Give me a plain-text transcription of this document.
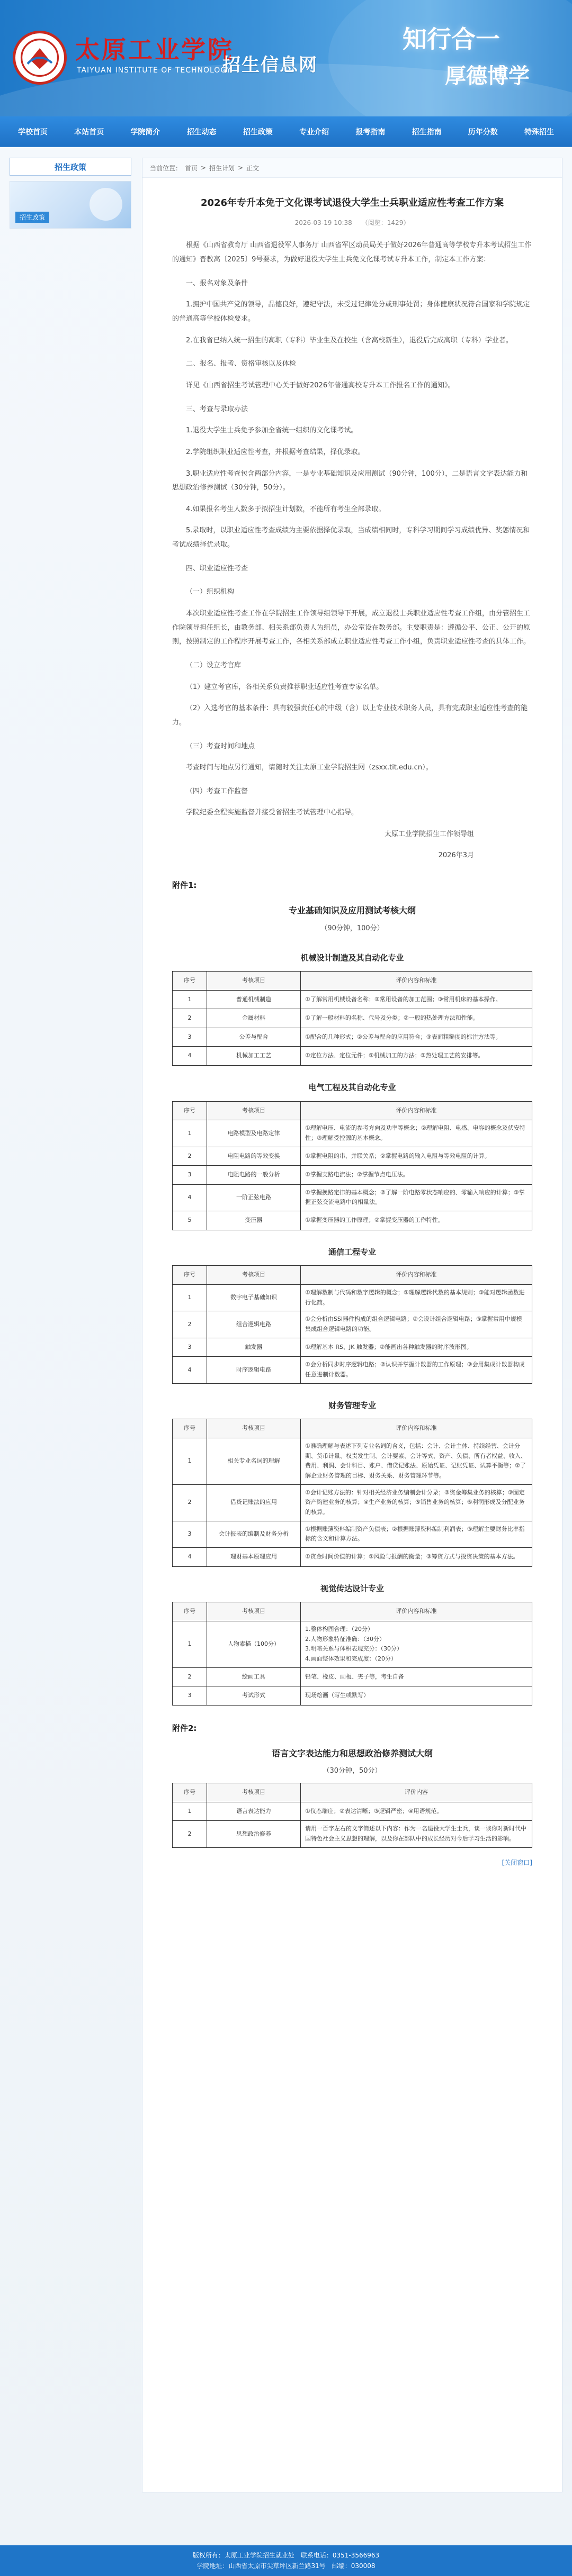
太原工业学院
TAIYUAN INSTITUTE OF TECHNOLOGY
招生信息网
知行合一
厚德博学
学校首页	本站首页	学院简介	招生动态	招生政策	专业介绍	报考指南	招生指南	历年分数	特殊招生
招生政策
招生政策
当前位置： 首页 > 招生计划 > 正文
2026年专升本免于文化课考试退役大学生士兵职业适应性考查工作方案
2026-03-19 10:38　　（阅览：1429）

根据《山西省教育厅 山西省退役军人事务厅 山西省军区动员局关于做好2026年普通高等学校专升本考试招生工作的通知》晋教高〔2025〕9号要求，为做好退役大学生士兵免文化课考试专升本工作，制定本工作方案：

一、报名对象及条件

1.拥护中国共产党的领导，品德良好，遵纪守法，未受过记律处分或刑事处罚；身体健康状况符合国家和学院规定的普通高等学校体检要求。

2.在我省已纳入统一招生的高职（专科）毕业生及在校生（含高校新生），退役后完成高职（专科）学业者。

二、报名、报考、资格审核以及体检

详见《山西省招生考试管理中心关于做好2026年普通高校专升本工作报名工作的通知》。

三、考查与录取办法

1.退役大学生士兵免予参加全省统一组织的文化课考试。

2.学院组织职业适应性考查，并根据考查结果，择优录取。

3.职业适应性考查包含两部分内容，一是专业基础知识及应用测试（90分钟，100分），二是语言文字表达能力和思想政治修养测试（30分钟，50分）。

4.如果报名考生人数多于拟招生计划数，不能所有考生全部录取。

5.录取时，以职业适应性考查成绩为主要依据择优录取，当成绩相同时，专科学习期间学习成绩优异、奖惩情况和考试成绩择优录取。

四、职业适应性考查

（一）组织机构

本次职业适应性考查工作在学院招生工作领导组领导下开展，成立退役士兵职业适应性考查工作组，由分管招生工作院领导担任组长，由教务部、相关系部负责人为组员，办公室设在教务部。主要职责是：遵循公平、公正、公开的原则，按照制定的工作程序开展考查工作，各相关系部成立职业适应性考查工作小组，负责职业适应性考查的具体工作。

（二）设立考官库

（1）建立考官库，各相关系负责推荐职业适应性考查专家名单。

（2）入选考官的基本条件：具有较强责任心的中级（含）以上专业技术职务人员，具有完成职业适应性考查的能力。

（三）考查时间和地点

考查时间与地点另行通知，请随时关注太原工业学院招生网（zsxx.tit.edu.cn）。

（四）考查工作监督

学院纪委全程实施监督并接受省招生考试管理中心指导。

太原工业学院招生工作领导组

2026年3月

附件1:
专业基础知识及应用测试考核大纲
（90分钟，100分）
机械设计制造及其自动化专业
序号	考核项目	评价内容和标准
1	普通机械制造	①了解常用机械设备名称；②常用设备的加工范围；③常用机床的基本操作。
2	金属材料	①了解一般材料的名称、代号及分类；②一般的热处理方法和性能。
3	公差与配合	①配合的几种形式；②公差与配合的应用符合；③表面粗糙度的标注方法等。
4	机械加工工艺	①定位方法、定位元件；②机械加工的方法；③热处理工艺的安排等。
电气工程及其自动化专业
序号	考核项目	评价内容和标准
1	电路模型及电路定律	①理解电压、电流的参考方向及功率等概念；②理解电阻、电感、电容的概念及伏安特性；③理解受控源的基本概念。
2	电阻电路的等效变换	①掌握电阻的串、并联关系；②掌握电路的输入电阻与等效电阻的计算。
3	电阻电路的一般分析	①掌握支路电流法；②掌握节点电压法。
4	一阶正弦电路	①掌握换路定律的基本概念；②了解一阶电路零状态响应的、零输入响应的计算；③掌握正弦交流电路中的相量法。
5	变压器	①掌握变压器的工作原理；②掌握变压器的工作特性。
通信工程专业
序号	考核项目	评价内容和标准
1	数字电子基础知识	①理解数制与代码和数字逻辑的概念；②理解逻辑代数的基本规则；③能对逻辑函数进行化简。
2	组合逻辑电路	①会分析由SSI器件构成的组合逻辑电路；②会设计组合逻辑电路；③掌握常用中规模集成组合逻辑电路的功能。
3	触发器	①理解基本 RS、JK 触发器；②能画出各种触发器的时序波形图。
4	时序逻辑电路	①会分析同步时序逻辑电路；②认识并掌握计数器的工作原理；③会用集成计数器构成任意进制计数器。
财务管理专业
序号	考核项目	评价内容和标准
1	相关专业名词的理解	①准确理解与表述下列专业名词的含义，包括：会计、会计主体、持续经营、会计分期、货币计量、权责发生制、会计要素、会计等式、资产、负债、所有者权益、收入、费用、利润、会计科目、账户、借贷记账法、原始凭证、记账凭证、试算平衡等；②了解企业财务管理的目标、财务关系、财务管理环节等。
2	借贷记账法的应用	①会计记账方法的：针对相关经济业务编制会计分录；②资金筹集业务的核算；③固定资产购建业务的核算；④生产业务的核算；⑤销售业务的核算；⑥利润形成及分配业务的核算。
3	会计报表的编制及财务分析	①根据账簿资料编制资产负债表；②根据账簿资料编制利润表；③理解主要财务比率指标的含义和计算方法。
4	理财基本原理应用	①资金时间价值的计算；②风险与报酬的衡量；③筹资方式与投资决策的基本方法。
视觉传达设计专业
序号	考核项目	评价内容和标准
1	人物素描（100分）	1.整体构图合理：（20分）
2.人物形象特征准确：（30分）
3.明暗关系与体积表现充分：（30分）
4.画面整体效果和完成度：（20分）
2	绘画工具	铅笔、橡皮、画板、夹子等，考生自备
3	考试形式	现场绘画（写生或默写）
附件2:
语言文字表达能力和思想政治修养测试大纲
（30分钟，50分）
序号	考核项目	评价内容
1	语言表达能力	①仪态端庄；②表达清晰；③逻辑严密；④用语规范。
2	思想政治修养	请用一百字左右的文字简述以下内容：作为一名退役大学生士兵，谈一谈你对新时代中国特色社会主义思想的理解，以及你在部队中的成长经历对今后学习生活的影响。
[关闭窗口]
版权所有：太原工业学院招生就业处　联系电话：0351-3566963
学院地址：山西省太原市尖草坪区新兰路31号　邮编：030008
